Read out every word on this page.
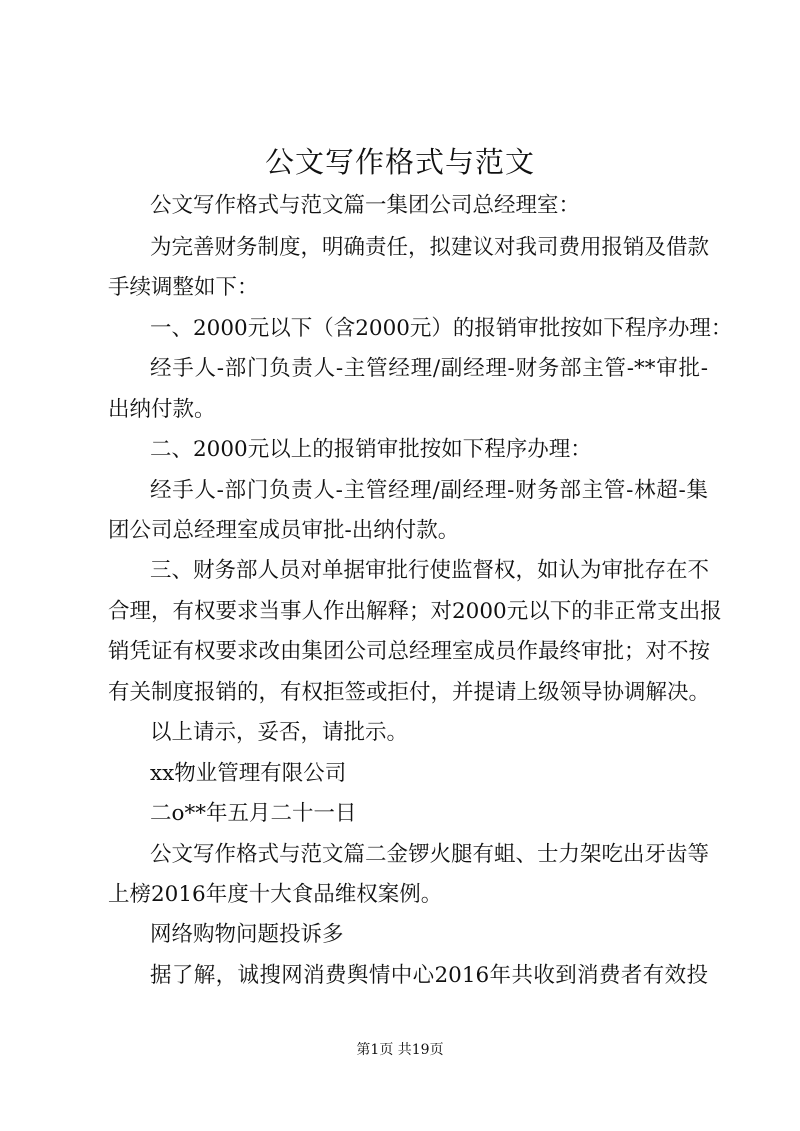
公文写作格式与范文

公文写作格式与范文篇一集团公司总经理室：

为完善财务制度，明确责任，拟建议对我司费用报销及借款

手续调整如下：

一、2000元以下（含2000元）的报销审批按如下程序办理：

经手人-部门负责人-主管经理/副经理-财务部主管-**审批-

出纳付款。

二、2000元以上的报销审批按如下程序办理：

经手人-部门负责人-主管经理/副经理-财务部主管-林超-集

团公司总经理室成员审批-出纳付款。

三、财务部人员对单据审批行使监督权，如认为审批存在不

合理，有权要求当事人作出解释；对2000元以下的非正常支出报

销凭证有权要求改由集团公司总经理室成员作最终审批；对不按

有关制度报销的，有权拒签或拒付，并提请上级领导协调解决。

以上请示，妥否，请批示。

xx物业管理有限公司

二o**年五月二十一日

公文写作格式与范文篇二金锣火腿有蛆、士力架吃出牙齿等

上榜2016年度十大食品维权案例。

网络购物问题投诉多

据了解，诚搜网消费舆情中心2016年共收到消费者有效投

第1页 共19页
